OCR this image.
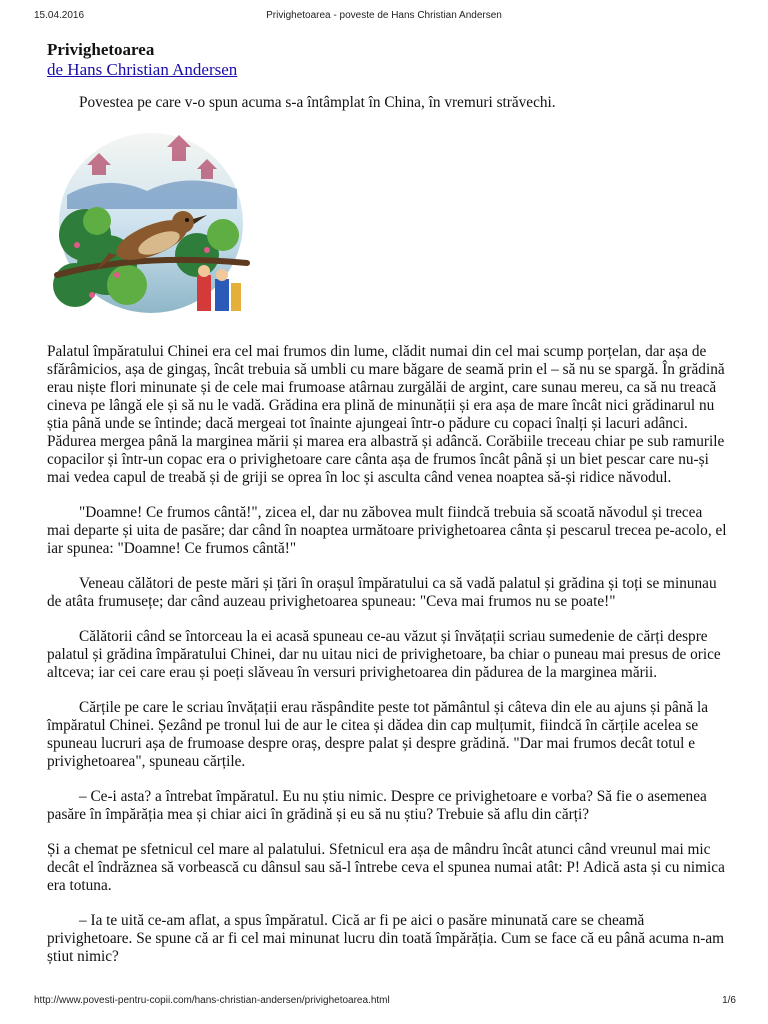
15.04.2016	Privighetoarea - poveste de Hans Christian Andersen
Privighetoarea
de Hans Christian Andersen

Povestea pe care v-o spun acuma s-a întâmplat în China, în vremuri străvechi.

Palatul împăratului Chinei era cel mai frumos din lume, clădit numai din cel mai scump porțelan, dar așa de sfărâmicios, așa de gingaș, încât trebuia să umbli cu mare băgare de seamă prin el – să nu se spargă. În grădină erau niște flori minunate și de cele mai frumoase atârnau zurgălăi de argint, care sunau mereu, ca să nu treacă cineva pe lângă ele și să nu le vadă. Grădina era plină de minunății și era așa de mare încât nici grădinarul nu știa până unde se întinde; dacă mergeai tot înainte ajungeai într-o pădure cu copaci înalți și lacuri adânci. Pădurea mergea până la marginea mării și marea era albastră și adâncă. Corăbiile treceau chiar pe sub ramurile copacilor și într-un copac era o privighetoare care cânta așa de frumos încât până și un biet pescar care nu-și mai vedea capul de treabă și de griji se oprea în loc și asculta când venea noaptea să-și ridice năvodul.

"Doamne! Ce frumos cântă!", zicea el, dar nu zăbovea mult fiindcă trebuia să scoată năvodul și trecea mai departe și uita de pasăre; dar când în noaptea următoare privighetoarea cânta și pescarul trecea pe-acolo, el iar spunea: "Doamne! Ce frumos cântă!"

Veneau călători de peste mări și țări în orașul împăratului ca să vadă palatul și grădina și toți se minunau de atâta frumusețe; dar când auzeau privighetoarea spuneau: "Ceva mai frumos nu se poate!"

Călătorii când se întorceau la ei acasă spuneau ce-au văzut și învățații scriau sumedenie de cărți despre palatul și grădina împăratului Chinei, dar nu uitau nici de privighetoare, ba chiar o puneau mai presus de orice altceva; iar cei care erau și poeți slăveau în versuri privighetoarea din pădurea de la marginea mării.

Cărțile pe care le scriau învățații erau răspândite peste tot pământul și câteva din ele au ajuns și până la împăratul Chinei. Șezând pe tronul lui de aur le citea și dădea din cap mulțumit, fiindcă în cărțile acelea se spuneau lucruri așa de frumoase despre oraș, despre palat și despre grădină. "Dar mai frumos decât totul e privighetoarea", spuneau cărțile.

– Ce-i asta? a întrebat împăratul. Eu nu știu nimic. Despre ce privighetoare e vorba? Să fie o asemenea pasăre în împărăția mea și chiar aici în grădină și eu să nu știu? Trebuie să aflu din cărți?

Și a chemat pe sfetnicul cel mare al palatului. Sfetnicul era așa de mândru încât atunci când vreunul mai mic decât el îndrăznea să vorbească cu dânsul sau să-l întrebe ceva el spunea numai atât: P! Adică asta și cu nimica era totuna.

– Ia te uită ce-am aflat, a spus împăratul. Cică ar fi pe aici o pasăre minunată care se cheamă privighetoare. Se spune că ar fi cel mai minunat lucru din toată împărăția. Cum se face că eu până acuma n-am știut nimic?

http://www.povesti-pentru-copii.com/hans-christian-andersen/privighetoarea.html	1/6
